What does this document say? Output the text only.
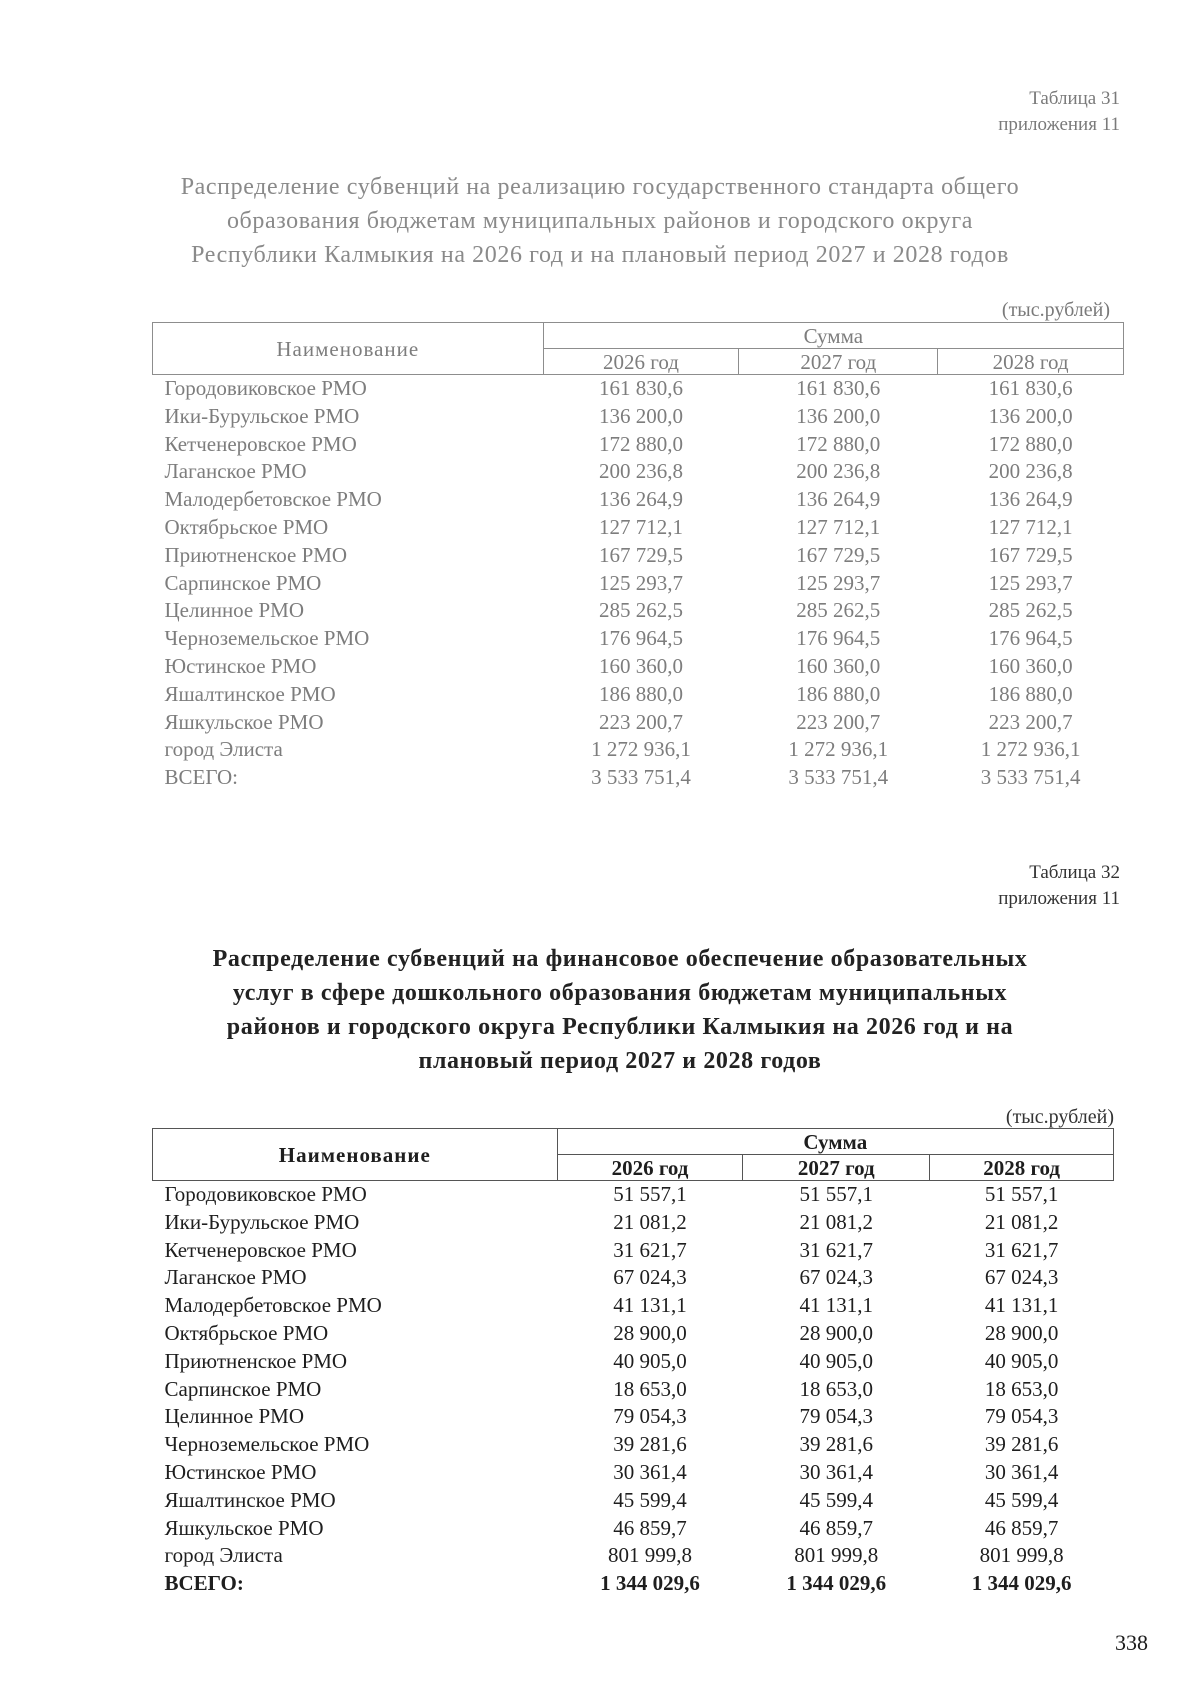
Таблица 31
приложения 11
Распределение субвенций на реализацию государственного стандарта общего
образования бюджетам муниципальных районов и городского округа
Республики Калмыкия на 2026 год и на плановый период 2027 и 2028 годов
(тыс.рублей)
Наименование	Сумма		
	2026 год	2027 год	2028 год
Городовиковское РМО	161 830,6	161 830,6	161 830,6
Ики-Бурульское РМО	136 200,0	136 200,0	136 200,0
Кетченеровское РМО	172 880,0	172 880,0	172 880,0
Лаганское РМО	200 236,8	200 236,8	200 236,8
Малодербетовское РМО	136 264,9	136 264,9	136 264,9
Октябрьское РМО	127 712,1	127 712,1	127 712,1
Приютненское РМО	167 729,5	167 729,5	167 729,5
Сарпинское РМО	125 293,7	125 293,7	125 293,7
Целинное РМО	285 262,5	285 262,5	285 262,5
Черноземельское РМО	176 964,5	176 964,5	176 964,5
Юстинское РМО	160 360,0	160 360,0	160 360,0
Яшалтинское РМО	186 880,0	186 880,0	186 880,0
Яшкульское РМО	223 200,7	223 200,7	223 200,7
город Элиста	1 272 936,1	1 272 936,1	1 272 936,1
ВСЕГО:	3 533 751,4	3 533 751,4	3 533 751,4
Таблица 32
приложения 11
Распределение субвенций на финансовое обеспечение образовательных
услуг в сфере дошкольного образования бюджетам муниципальных
районов и городского округа Республики Калмыкия на 2026 год и на
плановый период 2027 и 2028 годов
(тыс.рублей)
Наименование	Сумма		
	2026 год	2027 год	2028 год
Городовиковское РМО	51 557,1	51 557,1	51 557,1
Ики-Бурульское РМО	21 081,2	21 081,2	21 081,2
Кетченеровское РМО	31 621,7	31 621,7	31 621,7
Лаганское РМО	67 024,3	67 024,3	67 024,3
Малодербетовское РМО	41 131,1	41 131,1	41 131,1
Октябрьское РМО	28 900,0	28 900,0	28 900,0
Приютненское РМО	40 905,0	40 905,0	40 905,0
Сарпинское РМО	18 653,0	18 653,0	18 653,0
Целинное РМО	79 054,3	79 054,3	79 054,3
Черноземельское РМО	39 281,6	39 281,6	39 281,6
Юстинское РМО	30 361,4	30 361,4	30 361,4
Яшалтинское РМО	45 599,4	45 599,4	45 599,4
Яшкульское РМО	46 859,7	46 859,7	46 859,7
город Элиста	801 999,8	801 999,8	801 999,8
ВСЕГО:	1 344 029,6	1 344 029,6	1 344 029,6
338
